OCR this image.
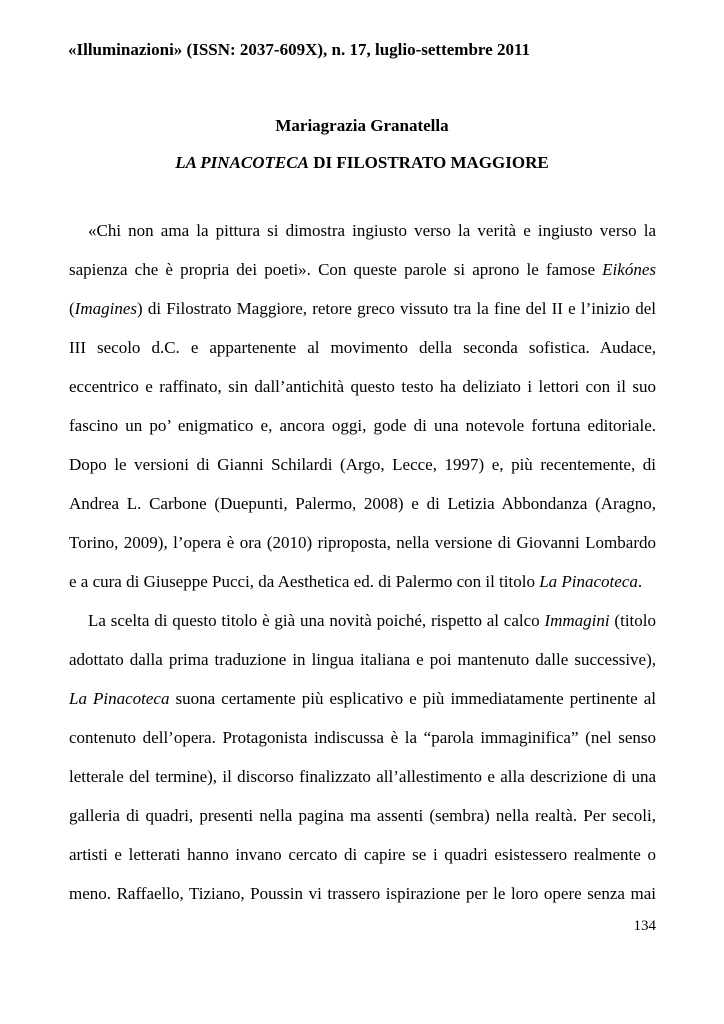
«Illuminazioni» (ISSN: 2037-609X), n. 17, luglio-settembre 2011
Mariagrazia Granatella
LA PINACOTECA DI FILOSTRATO MAGGIORE
«Chi non ama la pittura si dimostra ingiusto verso la verità e ingiusto verso la
sapienza che è propria dei poeti». Con queste parole si aprono le famose Eikónes
(Imagines) di Filostrato Maggiore, retore greco vissuto tra la fine del II e l’inizio del
III secolo d.C. e appartenente al movimento della seconda sofistica. Audace,
eccentrico e raffinato, sin dall’antichità questo testo ha deliziato i lettori con il suo
fascino un po’ enigmatico e, ancora oggi, gode di una notevole fortuna editoriale.
Dopo le versioni di Gianni Schilardi (Argo, Lecce, 1997) e, più recentemente, di
Andrea L. Carbone (Duepunti, Palermo, 2008) e di Letizia Abbondanza (Aragno,
Torino, 2009), l’opera è ora (2010) riproposta, nella versione di Giovanni Lombardo
e a cura di Giuseppe Pucci, da Aesthetica ed. di Palermo con il titolo La Pinacoteca.
La scelta di questo titolo è già una novità poiché, rispetto al calco Immagini (titolo
adottato dalla prima traduzione in lingua italiana e poi mantenuto dalle successive),
La Pinacoteca suona certamente più esplicativo e più immediatamente pertinente al
contenuto dell’opera. Protagonista indiscussa è la “parola immaginifica” (nel senso
letterale del termine), il discorso finalizzato all’allestimento e alla descrizione di una
galleria di quadri, presenti nella pagina ma assenti (sembra) nella realtà. Per secoli,
artisti e letterati hanno invano cercato di capire se i quadri esistessero realmente o
meno. Raffaello, Tiziano, Poussin vi trassero ispirazione per le loro opere senza mai
134
